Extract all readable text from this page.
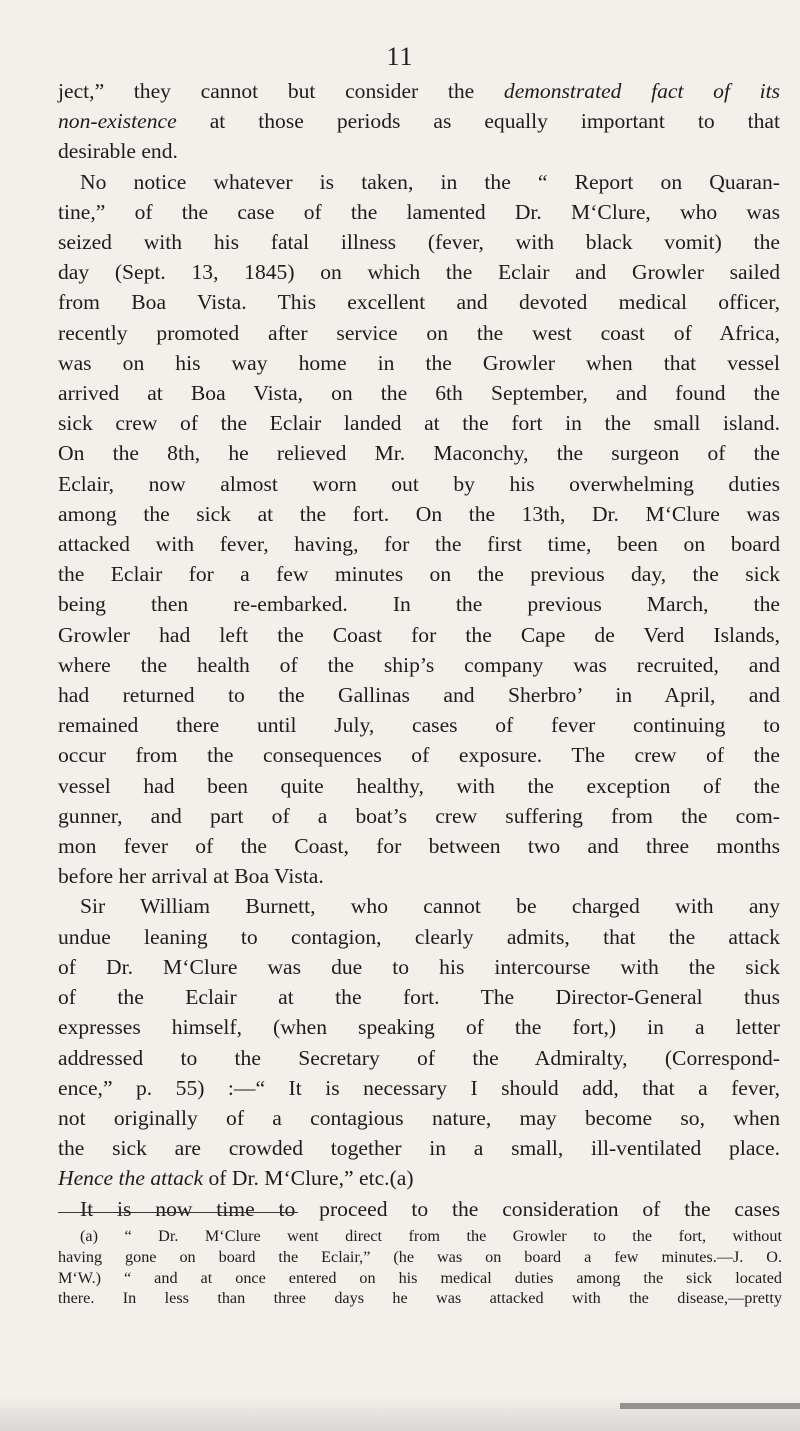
11
ject,” they cannot but consider the demonstrated fact of its
non-existence at those periods as equally important to that
desirable end.
No notice whatever is taken, in the “ Report on Quaran-
tine,” of the case of the lamented Dr. M‘Clure, who was
seized with his fatal illness (fever, with black vomit) the
day (Sept. 13, 1845) on which the Eclair and Growler sailed
from Boa Vista. This excellent and devoted medical officer,
recently promoted after service on the west coast of Africa,
was on his way home in the Growler when that vessel
arrived at Boa Vista, on the 6th September, and found the
sick crew of the Eclair landed at the fort in the small island.
On the 8th, he relieved Mr. Maconchy, the surgeon of the
Eclair, now almost worn out by his overwhelming duties
among the sick at the fort. On the 13th, Dr. M‘Clure was
attacked with fever, having, for the first time, been on board
the Eclair for a few minutes on the previous day, the sick
being then re-embarked. In the previous March, the
Growler had left the Coast for the Cape de Verd Islands,
where the health of the ship’s company was recruited, and
had returned to the Gallinas and Sherbro’ in April, and
remained there until July, cases of fever continuing to
occur from the consequences of exposure. The crew of the
vessel had been quite healthy, with the exception of the
gunner, and part of a boat’s crew suffering from the com-
mon fever of the Coast, for between two and three months
before her arrival at Boa Vista.
Sir William Burnett, who cannot be charged with any
undue leaning to contagion, clearly admits, that the attack
of Dr. M‘Clure was due to his intercourse with the sick
of the Eclair at the fort. The Director-General thus
expresses himself, (when speaking of the fort,) in a letter
addressed to the Secretary of the Admiralty, (Correspond-
ence,” p. 55) :—“ It is necessary I should add, that a fever,
not originally of a contagious nature, may become so, when
the sick are crowded together in a small, ill-ventilated place.
Hence the attack of Dr. M‘Clure,” etc.(a)
It is now time to proceed to the consideration of the cases
(a) “ Dr. M‘Clure went direct from the Growler to the fort, without
having gone on board the Eclair,” (he was on board a few minutes.—J. O.
M‘W.) “ and at once entered on his medical duties among the sick located
there. In less than three days he was attacked with the disease,—pretty
